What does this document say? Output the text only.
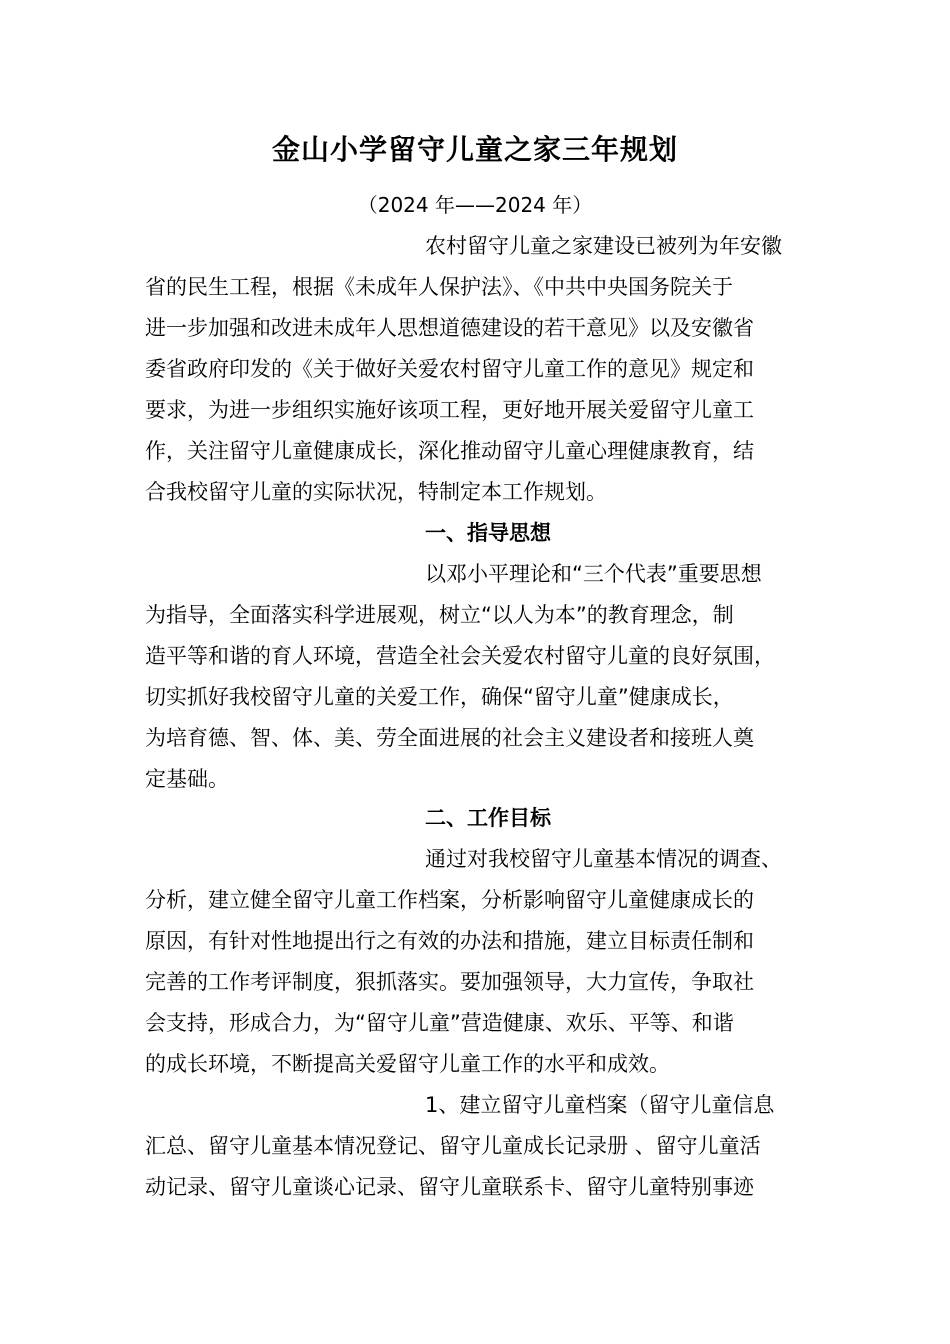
金山小学留守儿童之家三年规划
（2024 年——2024 年）
农村留守儿童之家建设已被列为年安徽
省的民生工程，根据《未成年人保护法》、《中共中央国务院关于
进一步加强和改进未成年人思想道德建设的若干意见》以及安徽省
委省政府印发的《关于做好关爱农村留守儿童工作的意见》规定和
要求，为进一步组织实施好该项工程，更好地开展关爱留守儿童工
作，关注留守儿童健康成长，深化推动留守儿童心理健康教育，结
合我校留守儿童的实际状况，特制定本工作规划。
一、指导思想
以邓小平理论和“三个代表”重要思想
为指导，全面落实科学进展观，树立“以人为本”的教育理念，制
造平等和谐的育人环境，营造全社会关爱农村留守儿童的良好氛围，
切实抓好我校留守儿童的关爱工作，确保“留守儿童”健康成长，
为培育德、智、体、美、劳全面进展的社会主义建设者和接班人奠
定基础。
二、工作目标
通过对我校留守儿童基本情况的调查、
分析，建立健全留守儿童工作档案，分析影响留守儿童健康成长的
原因，有针对性地提出行之有效的办法和措施，建立目标责任制和
完善的工作考评制度，狠抓落实。要加强领导，大力宣传，争取社
会支持，形成合力，为“留守儿童”营造健康、欢乐、平等、和谐
的成长环境，不断提高关爱留守儿童工作的水平和成效。
1、建立留守儿童档案（留守儿童信息
汇总、留守儿童基本情况登记、留守儿童成长记录册 、留守儿童活
动记录、留守儿童谈心记录、留守儿童联系卡、留守儿童特别事迹
